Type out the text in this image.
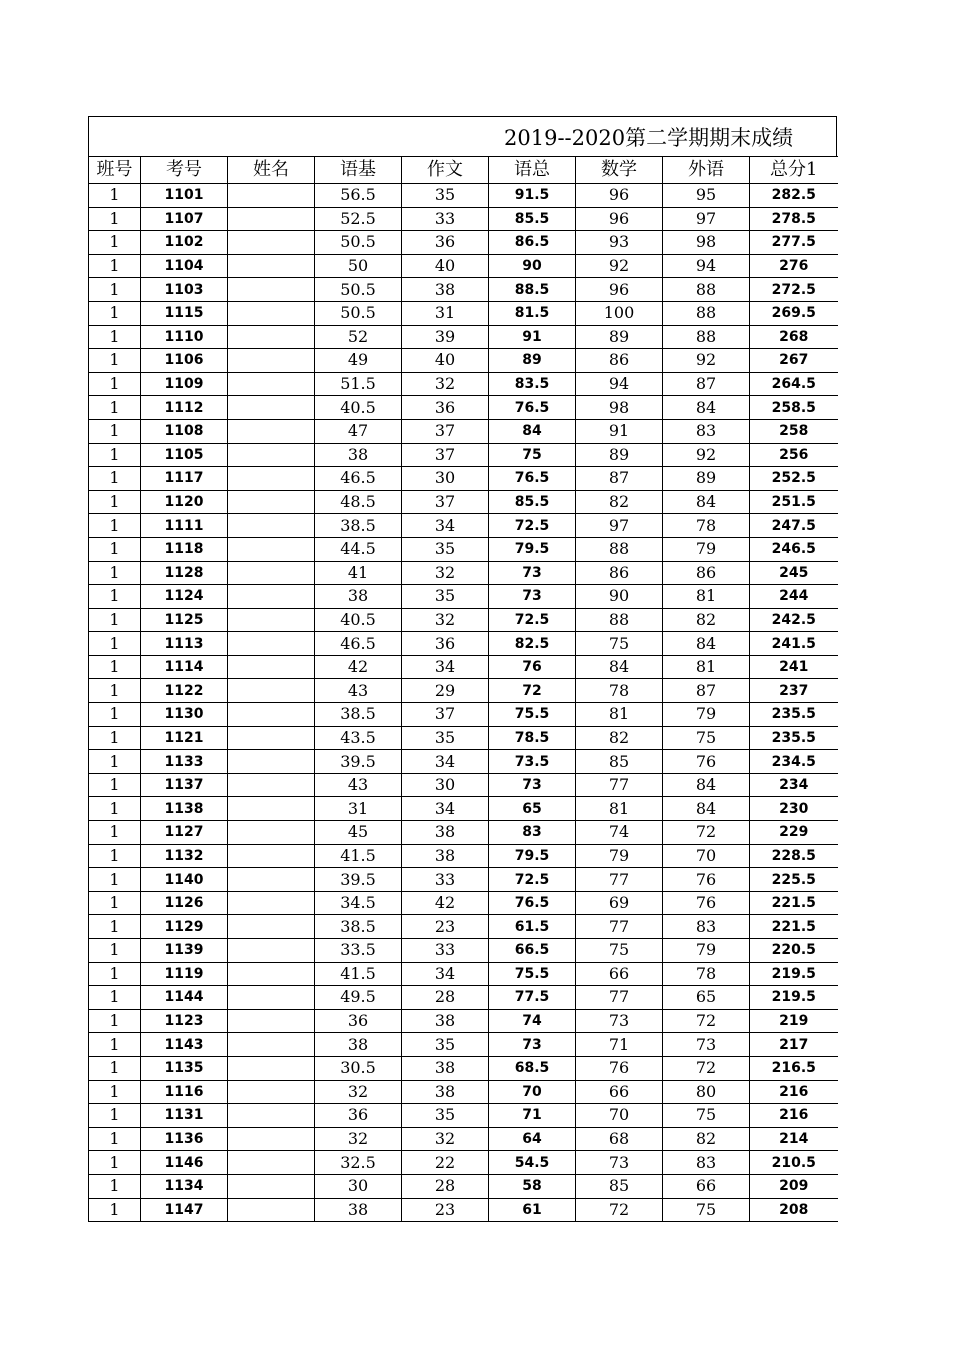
2019--2020第二学期期末成绩
班号	考号	姓名	语基	作文	语总	数学	外语	总分1
1	1101		56.5	35	91.5	96	95	282.5
1	1107		52.5	33	85.5	96	97	278.5
1	1102		50.5	36	86.5	93	98	277.5
1	1104		50	40	90	92	94	276
1	1103		50.5	38	88.5	96	88	272.5
1	1115		50.5	31	81.5	100	88	269.5
1	1110		52	39	91	89	88	268
1	1106		49	40	89	86	92	267
1	1109		51.5	32	83.5	94	87	264.5
1	1112		40.5	36	76.5	98	84	258.5
1	1108		47	37	84	91	83	258
1	1105		38	37	75	89	92	256
1	1117		46.5	30	76.5	87	89	252.5
1	1120		48.5	37	85.5	82	84	251.5
1	1111		38.5	34	72.5	97	78	247.5
1	1118		44.5	35	79.5	88	79	246.5
1	1128		41	32	73	86	86	245
1	1124		38	35	73	90	81	244
1	1125		40.5	32	72.5	88	82	242.5
1	1113		46.5	36	82.5	75	84	241.5
1	1114		42	34	76	84	81	241
1	1122		43	29	72	78	87	237
1	1130		38.5	37	75.5	81	79	235.5
1	1121		43.5	35	78.5	82	75	235.5
1	1133		39.5	34	73.5	85	76	234.5
1	1137		43	30	73	77	84	234
1	1138		31	34	65	81	84	230
1	1127		45	38	83	74	72	229
1	1132		41.5	38	79.5	79	70	228.5
1	1140		39.5	33	72.5	77	76	225.5
1	1126		34.5	42	76.5	69	76	221.5
1	1129		38.5	23	61.5	77	83	221.5
1	1139		33.5	33	66.5	75	79	220.5
1	1119		41.5	34	75.5	66	78	219.5
1	1144		49.5	28	77.5	77	65	219.5
1	1123		36	38	74	73	72	219
1	1143		38	35	73	71	73	217
1	1135		30.5	38	68.5	76	72	216.5
1	1116		32	38	70	66	80	216
1	1131		36	35	71	70	75	216
1	1136		32	32	64	68	82	214
1	1146		32.5	22	54.5	73	83	210.5
1	1134		30	28	58	85	66	209
1	1147		38	23	61	72	75	208
